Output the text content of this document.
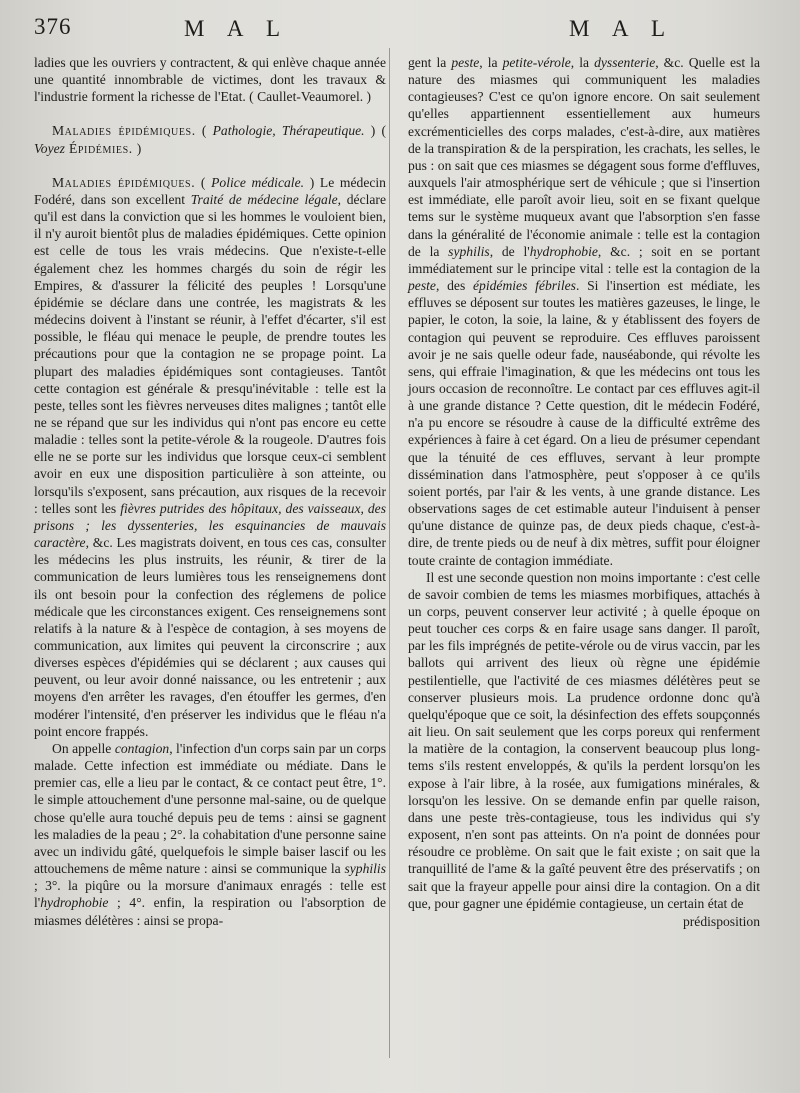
376	M A L	M A L

ladies que les ouvriers y contractent, & qui enlève chaque année une quantité innombrable de victimes, dont les travaux & l'industrie forment la richesse de l'Etat. ( Caullet-Veaumorel. )

Maladies épidémiques. ( Pathologie, Thérapeutique. ) ( Voyez Épidémies. )

Maladies épidémiques. ( Police médicale. ) Le médecin Fodéré, dans son excellent Traité de médecine légale, déclare qu'il est dans la conviction que si les hommes le vouloient bien, il n'y auroit bientôt plus de maladies épidémiques. Cette opinion est celle de tous les vrais médecins. Que n'existe-t-elle également chez les hommes chargés du soin de régir les Empires, & d'assurer la félicité des peuples ! Lorsqu'une épidémie se déclare dans une contrée, les magistrats & les médecins doivent à l'instant se réunir, à l'effet d'écarter, s'il est possible, le fléau qui menace le peuple, de prendre toutes les précautions pour que la contagion ne se propage point. La plupart des maladies épidémiques sont contagieuses. Tantôt cette contagion est générale & presqu'inévitable : telle est la peste, telles sont les fièvres nerveuses dites malignes ; tantôt elle ne se répand que sur les individus qui n'ont pas encore eu cette maladie : telles sont la petite-vérole & la rougeole. D'autres fois elle ne se porte sur les individus que lorsque ceux-ci semblent avoir en eux une disposition particulière à son atteinte, ou lorsqu'ils s'exposent, sans précaution, aux risques de la recevoir : telles sont les fièvres putrides des hôpitaux, des vaisseaux, des prisons ; les dyssenteries, les esquinancies de mauvais caractère, &c. Les magistrats doivent, en tous ces cas, consulter les médecins les plus instruits, les réunir, & tirer de la communication de leurs lumières tous les renseignemens dont ils ont besoin pour la confection des réglemens de police médicale que les circonstances exigent. Ces renseignemens sont relatifs à la nature & à l'espèce de contagion, à ses moyens de communication, aux limites qui peuvent la circonscrire ; aux diverses espèces d'épidémies qui se déclarent ; aux causes qui peuvent, ou leur avoir donné naissance, ou les entretenir ; aux moyens d'en arrêter les ravages, d'en étouffer les germes, d'en modérer l'intensité, d'en préserver les individus que le fléau n'a point encore frappés.

On appelle contagion, l'infection d'un corps sain par un corps malade. Cette infection est immédiate ou médiate. Dans le premier cas, elle a lieu par le contact, & ce contact peut être, 1°. le simple attouchement d'une personne mal-saine, ou de quelque chose qu'elle aura touché depuis peu de tems : ainsi se gagnent les maladies de la peau ; 2°. la cohabitation d'une personne saine avec un individu gâté, quelquefois le simple baiser lascif ou les attouchemens de même nature : ainsi se communique la syphilis ; 3°. la piqûre ou la morsure d'animaux enragés : telle est l'hydrophobie ; 4°. enfin, la respiration ou l'absorption de miasmes délétères : ainsi se propa-

gent la peste, la petite-vérole, la dyssenterie, &c. Quelle est la nature des miasmes qui communiquent les maladies contagieuses? C'est ce qu'on ignore encore. On sait seulement qu'elles appartiennent essentiellement aux humeurs excrémenticielles des corps malades, c'est-à-dire, aux matières de la transpiration & de la perspiration, les crachats, les selles, le pus : on sait que ces miasmes se dégagent sous forme d'effluves, auxquels l'air atmosphérique sert de véhicule ; que si l'insertion est immédiate, elle paroît avoir lieu, soit en se fixant quelque tems sur le système muqueux avant que l'absorption s'en fasse dans la généralité de l'économie animale : telle est la contagion de la syphilis, de l'hydrophobie, &c. ; soit en se portant immédiatement sur le principe vital : telle est la contagion de la peste, des épidémies fébriles. Si l'insertion est médiate, les effluves se déposent sur toutes les matières gazeuses, le linge, le papier, le coton, la soie, la laine, & y établissent des foyers de contagion qui peuvent se reproduire. Ces effluves paroissent avoir je ne sais quelle odeur fade, nauséabonde, qui révolte les sens, qui effraie l'imagination, & que les médecins ont tous les jours occasion de reconnoître. Le contact par ces effluves agit-il à une grande distance ? Cette question, dit le médecin Fodéré, n'a pu encore se résoudre à cause de la difficulté extrême des expériences à faire à cet égard. On a lieu de présumer cependant que la ténuité de ces effluves, servant à leur prompte dissémination dans l'atmosphère, peut s'opposer à ce qu'ils soient portés, par l'air & les vents, à une grande distance. Les observations sages de cet estimable auteur l'induisent à penser qu'une distance de quinze pas, de deux pieds chaque, c'est-à-dire, de trente pieds ou de neuf à dix mètres, suffit pour éloigner toute crainte de contagion immédiate.

Il est une seconde question non moins importante : c'est celle de savoir combien de tems les miasmes morbifiques, attachés à un corps, peuvent conserver leur activité ; à quelle époque on peut toucher ces corps & en faire usage sans danger. Il paroît, par les fils imprégnés de petite-vérole ou de virus vaccin, par les ballots qui arrivent des lieux où règne une épidémie pestilentielle, que l'activité de ces miasmes délétères peut se conserver plusieurs mois. La prudence ordonne donc qu'à quelqu'époque que ce soit, la désinfection des effets soupçonnés ait lieu. On sait seulement que les corps poreux qui renferment la matière de la contagion, la conservent beaucoup plus long-tems s'ils restent enveloppés, & qu'ils la perdent lorsqu'on les expose à l'air libre, à la rosée, aux fumigations minérales, & lorsqu'on les lessive. On se demande enfin par quelle raison, dans une peste très-contagieuse, tous les individus qui s'y exposent, n'en sont pas atteints. On n'a point de données pour résoudre ce problème. On sait que le fait existe ; on sait que la tranquillité de l'ame & la gaîté peuvent être des préservatifs ; on sait que la frayeur appelle pour ainsi dire la contagion. On a dit que, pour gagner une épidémie contagieuse, un certain état de

prédisposition
